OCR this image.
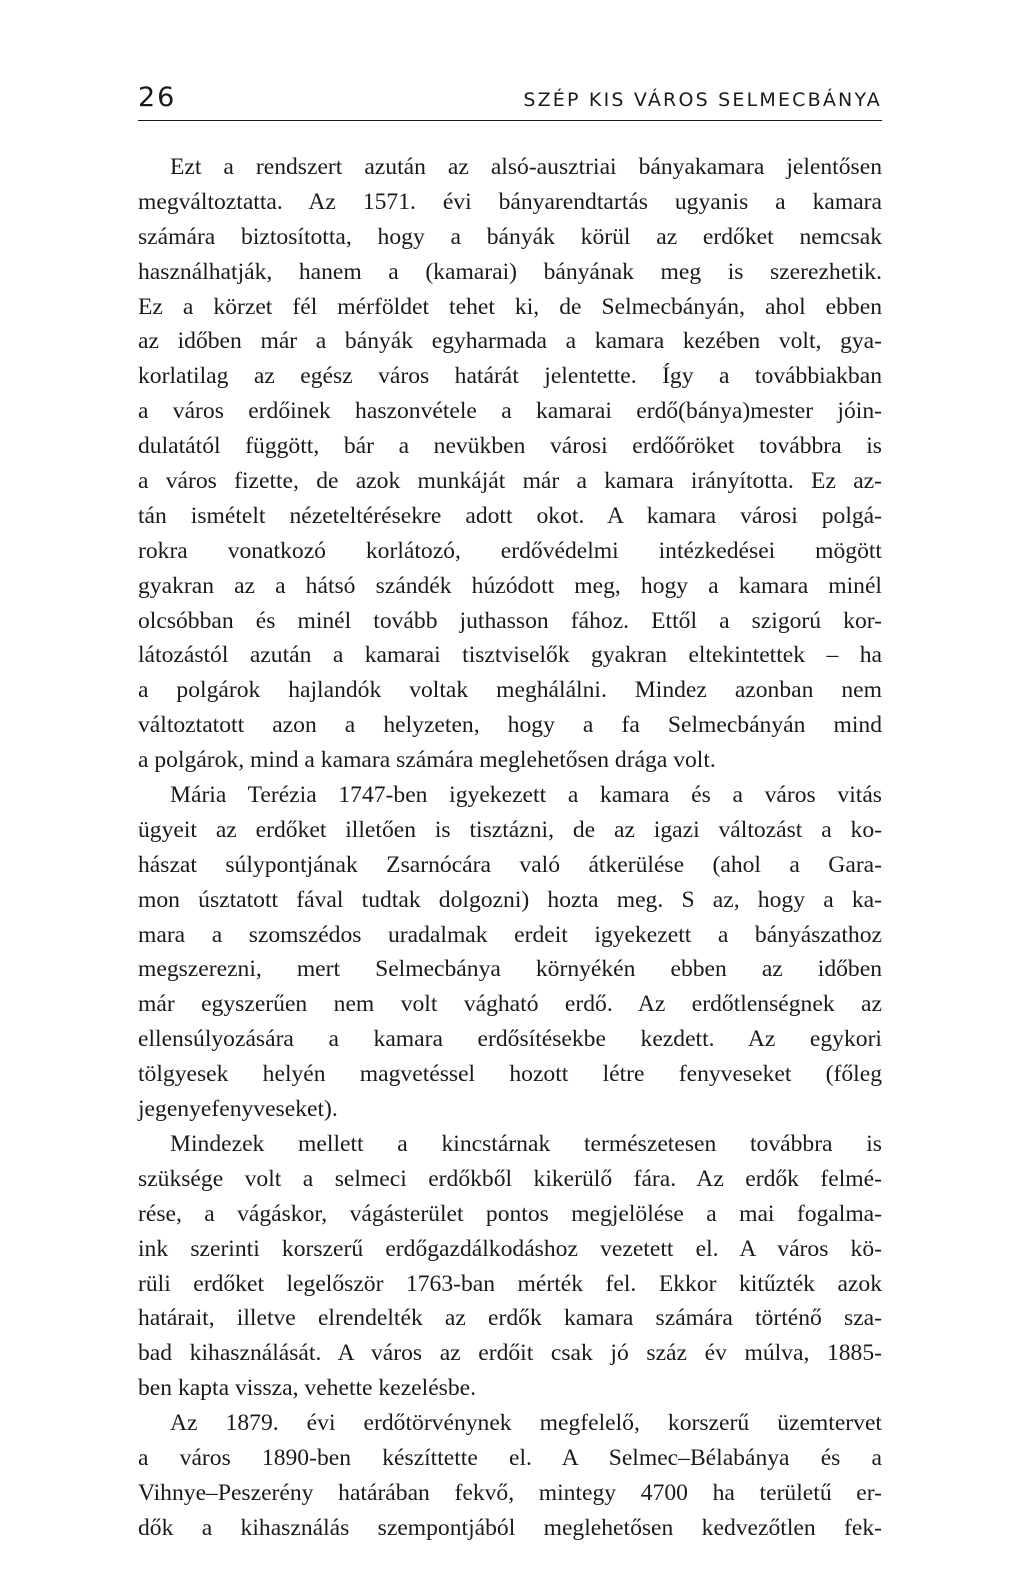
26	SZÉP KIS VÁROS SELMECBÁNYA
Ezt a rendszert azután az alsó-ausztriai bányakamara jelentősen
megváltoztatta. Az 1571. évi bányarendtartás ugyanis a kamara
számára biztosította, hogy a bányák körül az erdőket nemcsak
használhatják, hanem a (kamarai) bányának meg is szerezhetik.
Ez a körzet fél mérföldet tehet ki, de Selmecbányán, ahol ebben
az időben már a bányák egyharmada a kamara kezében volt, gya-
korlatilag az egész város határát jelentette. Így a továbbiakban
a város erdőinek haszonvétele a kamarai erdő(bánya)mester jóin-
dulatától függött, bár a nevükben városi erdőőröket továbbra is
a város fizette, de azok munkáját már a kamara irányította. Ez az-
tán ismételt nézeteltérésekre adott okot. A kamara városi polgá-
rokra vonatkozó korlátozó, erdővédelmi intézkedései mögött
gyakran az a hátsó szándék húzódott meg, hogy a kamara minél
olcsóbban és minél tovább juthasson fához. Ettől a szigorú kor-
látozástól azután a kamarai tisztviselők gyakran eltekintettek – ha
a polgárok hajlandók voltak meghálálni. Mindez azonban nem
változtatott azon a helyzeten, hogy a fa Selmecbányán mind
a polgárok, mind a kamara számára meglehetősen drága volt.
Mária Terézia 1747-ben igyekezett a kamara és a város vitás
ügyeit az erdőket illetően is tisztázni, de az igazi változást a ko-
hászat súlypontjának Zsarnócára való átkerülése (ahol a Gara-
mon úsztatott fával tudtak dolgozni) hozta meg. S az, hogy a ka-
mara a szomszédos uradalmak erdeit igyekezett a bányászathoz
megszerezni, mert Selmecbánya környékén ebben az időben
már egyszerűen nem volt vágható erdő. Az erdőtlenségnek az
ellensúlyozására a kamara erdősítésekbe kezdett. Az egykori
tölgyesek helyén magvetéssel hozott létre fenyveseket (főleg
jegenyefenyveseket).
Mindezek mellett a kincstárnak természetesen továbbra is
szüksége volt a selmeci erdőkből kikerülő fára. Az erdők felmé-
rése, a vágáskor, vágásterület pontos megjelölése a mai fogalma-
ink szerinti korszerű erdőgazdálkodáshoz vezetett el. A város kö-
rüli erdőket legelőször 1763-ban mérték fel. Ekkor kitűzték azok
határait, illetve elrendelték az erdők kamara számára történő sza-
bad kihasználását. A város az erdőit csak jó száz év múlva, 1885-
ben kapta vissza, vehette kezelésbe.
Az 1879. évi erdőtörvénynek megfelelő, korszerű üzemtervet
a város 1890-ben készíttette el. A Selmec–Bélabánya és a
Vihnye–Peszerény határában fekvő, mintegy 4700 ha területű er-
dők a kihasználás szempontjából meglehetősen kedvezőtlen fek-
